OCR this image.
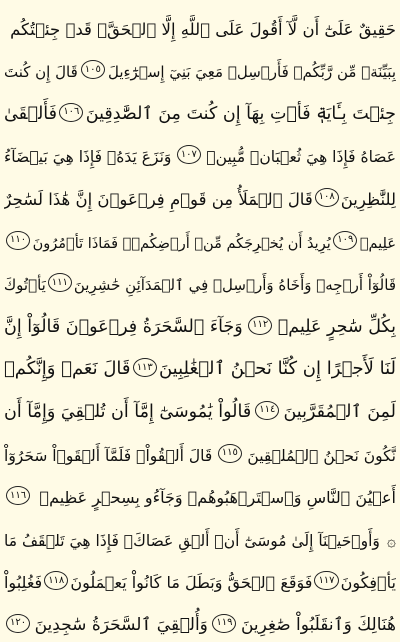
حَقِيقٌ عَلَىٰٓ أَن لَّآ أَقُولَ عَلَى ٱللَّهِ إِلَّا ٱلۡحَقَّۚ قَدۡ جِئۡتُكُم
بِبَيِّنَةٖ مِّن رَّبِّكُمۡ فَأَرۡسِلۡ مَعِيَ بَنِيٓ إِسۡرَٰٓءِيلَ
١٠٥
قَالَ إِن كُنتَ
جِئۡتَ بِـَٔايَةٖ فَأۡتِ بِهَآ إِن كُنتَ مِنَ ٱلصَّٰدِقِينَ
١٠٦
فَأَلۡقَىٰ
عَصَاهُ فَإِذَا هِيَ ثُعۡبَانٞ مُّبِينٞ
١٠٧
وَنَزَعَ يَدَهُۥ فَإِذَا هِيَ بَيۡضَآءُ
لِلنَّٰظِرِينَ
١٠٨
قَالَ ٱلۡمَلَأُ مِن قَوۡمِ فِرۡعَوۡنَ إِنَّ هَٰذَا لَسَٰحِرٌ
عَلِيمٞ
١٠٩
يُرِيدُ أَن يُخۡرِجَكُم مِّنۡ أَرۡضِكُمۡۖ فَمَاذَا تَأۡمُرُونَ
١١٠
قَالُوٓاْ أَرۡجِهۡ وَأَخَاهُ وَأَرۡسِلۡ فِي ٱلۡمَدَآئِنِ حَٰشِرِينَ
١١١
يَأۡتُوكَ
بِكُلِّ سَٰحِرٍ عَلِيمٖ
١١٢
وَجَآءَ ٱلسَّحَرَةُ فِرۡعَوۡنَ قَالُوٓاْ إِنَّ
لَنَا لَأَجۡرًا إِن كُنَّا نَحۡنُ ٱلۡغَٰلِبِينَ
١١٣
قَالَ نَعَمۡ وَإِنَّكُمۡ
لَمِنَ ٱلۡمُقَرَّبِينَ
١١٤
قَالُواْ يَٰمُوسَىٰٓ إِمَّآ أَن تُلۡقِيَ وَإِمَّآ أَن
نَّكُونَ نَحۡنُ ٱلۡمُلۡقِينَ
١١٥
قَالَ أَلۡقُواْۖ فَلَمَّآ أَلۡقَوۡاْ سَحَرُوٓاْ
أَعۡيُنَ ٱلنَّاسِ وَٱسۡتَرۡهَبُوهُمۡ وَجَآءُو بِسِحۡرٍ عَظِيمٖ
١١٦
۞
وَأَوۡحَيۡنَآ إِلَىٰ مُوسَىٰٓ أَنۡ أَلۡقِ عَصَاكَۖ فَإِذَا هِيَ تَلۡقَفُ مَا
يَأۡفِكُونَ
١١٧
فَوَقَعَ ٱلۡحَقُّ وَبَطَلَ مَا كَانُواْ يَعۡمَلُونَ
١١٨
فَغُلِبُواْ
هُنَالِكَ وَٱنقَلَبُواْ صَٰغِرِينَ
١١٩
وَأُلۡقِيَ ٱلسَّحَرَةُ سَٰجِدِينَ
١٢٠
